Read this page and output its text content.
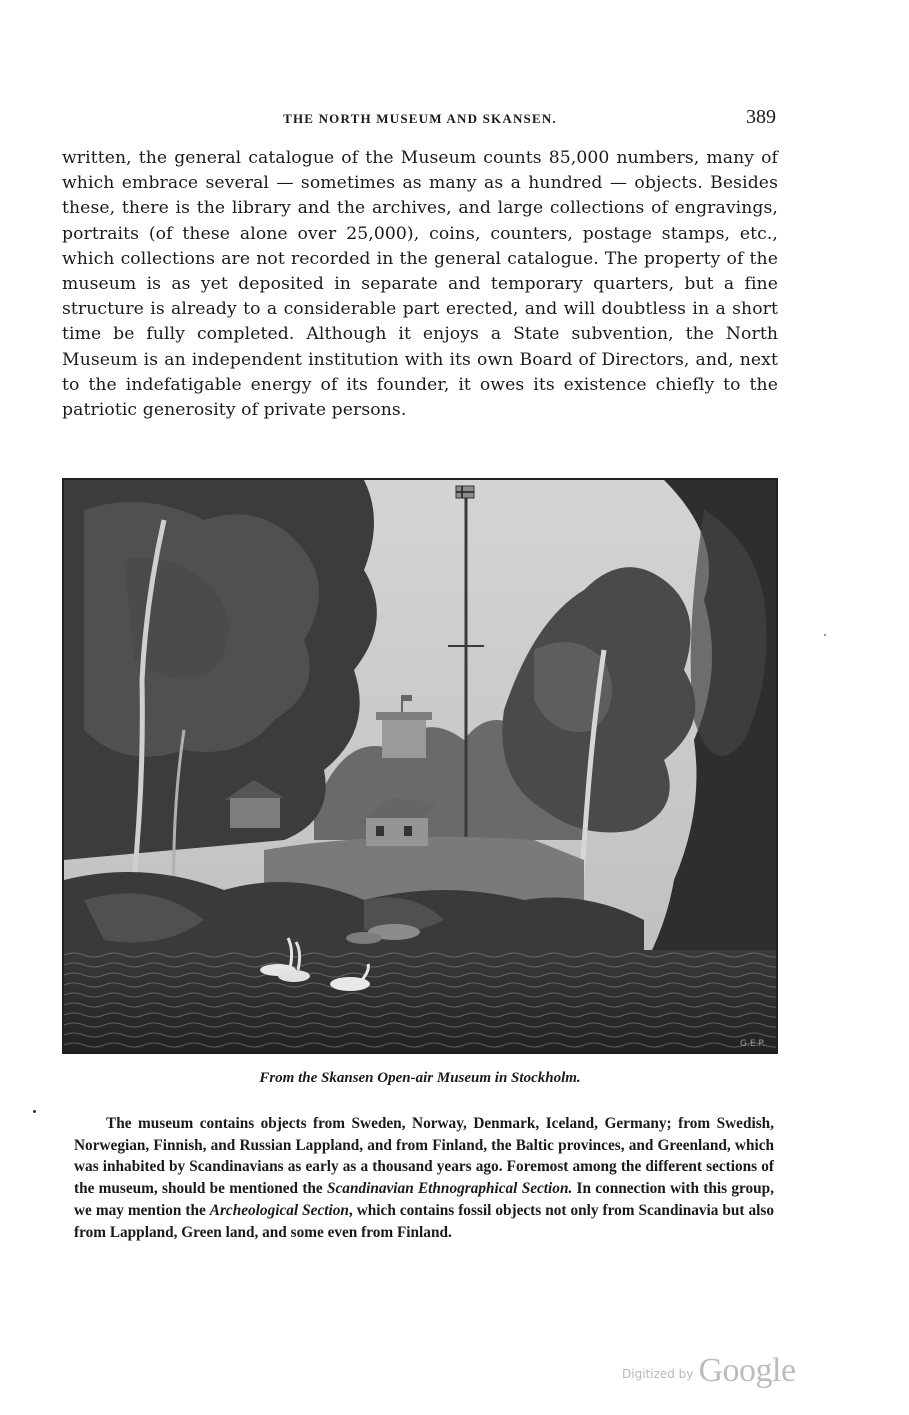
THE NORTH MUSEUM AND SKANSEN.	389

written, the general catalogue of the Museum counts 85,000 numbers, many of which embrace several — sometimes as many as a hundred — objects. Besides these, there is the library and the archives, and large collections of engravings, portraits (of these alone over 25,000), coins, counters, postage stamps, etc., which collections are not recorded in the general catalogue. The property of the museum is as yet deposited in separate and temporary quarters, but a fine structure is already to a considerable part erected, and will doubtless in a short time be fully completed. Although it enjoys a State subvention, the North Museum is an independent institution with its own Board of Directors, and, next to the indefatigable energy of its founder, it owes its existence chiefly to the patriotic generosity of private persons.

G.E.P.
From the Skansen Open-air Museum in Stockholm.

The museum contains objects from Sweden, Norway, Denmark, Iceland, Germany; from Swedish, Norwegian, Finnish, and Russian Lappland, and from Finland, the Baltic provinces, and Greenland, which was inhabited by Scandinavians as early as a thousand years ago. Foremost among the different sections of the museum, should be mentioned the Scandinavian Ethnographical Section. In connection with this group, we may mention the Archeological Section, which contains fossil objects not only from Scandinavia but also from Lappland, Green land, and some even from Finland.

Digitized by Google
